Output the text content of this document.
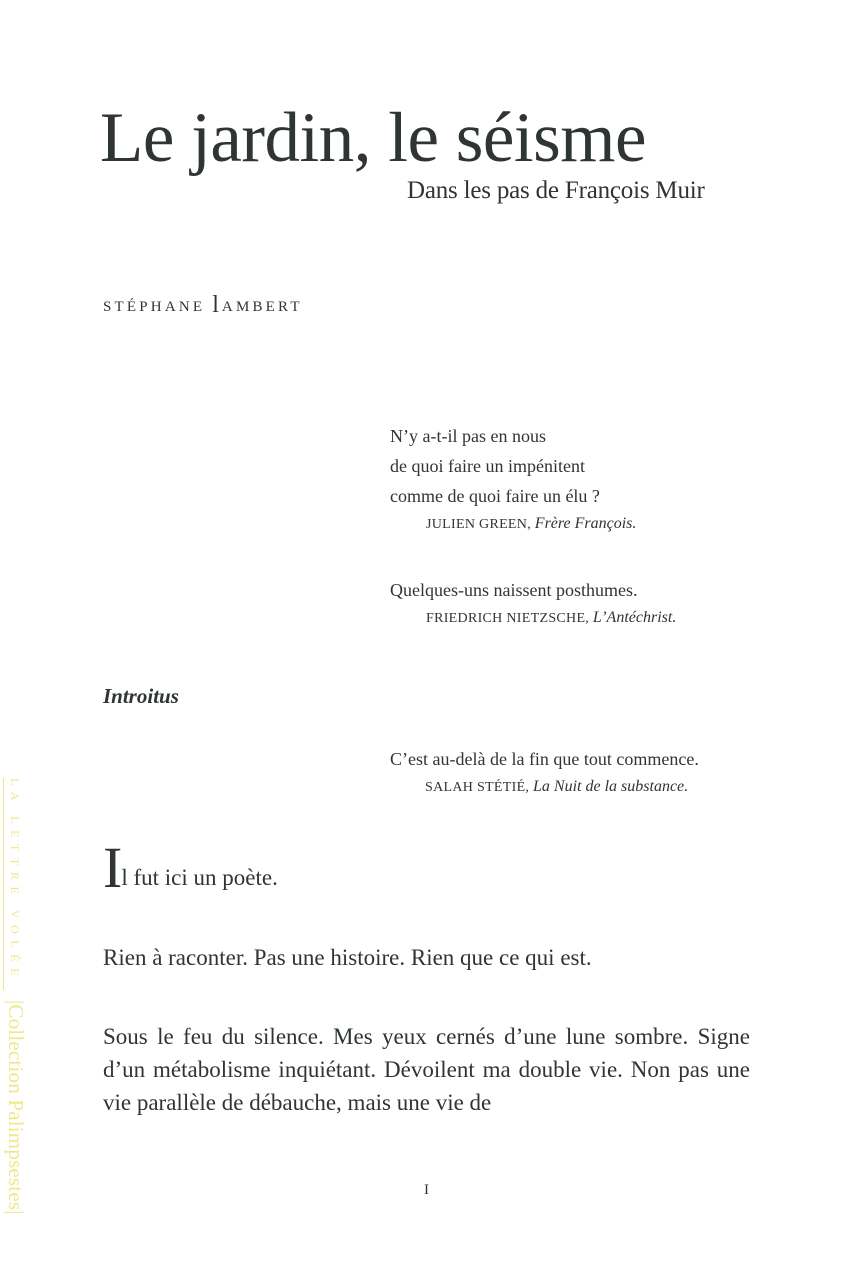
Le jardin, le séisme
Dans les pas de François Muir
STÉPHANE lAMBERT
N’y a-t-il pas en nous
de quoi faire un impénitent
comme de quoi faire un élu ?
JULIEN GREEN, Frère François.
Quelques-uns naissent posthumes.
FRIEDRICH NIETZSCHE, L’Antéchrist.
Introitus
C’est au-delà de la fin que tout commence.
SALAH STÉTIÉ, La Nuit de la substance.

Il fut ici un poète.

Rien à raconter. Pas une histoire. Rien que ce qui est.

Sous le feu du silence. Mes yeux cernés d’une lune sombre. Signe d’un métabolisme inquiétant. Dévoilent ma double vie. Non pas une vie parallèle de débauche, mais une vie de

I
LA LETTRE VOLÉE
|Collection Palimpsestes|
